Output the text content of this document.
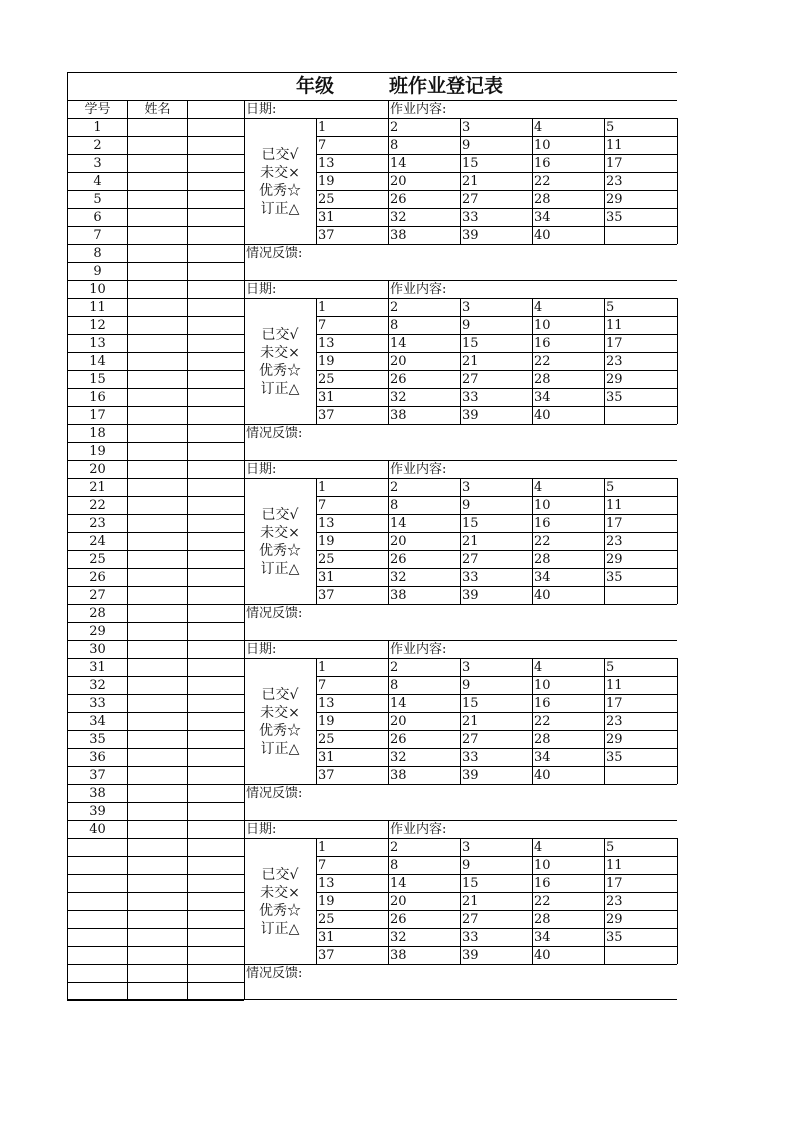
年级	班作业登记表
学号	姓名
1
2
3
4
5
6
7
8
9
10
11
12
13
14
15
16
17
18
19
20
21
22
23
24
25
26
27
28
29
30
31
32
33
34
35
36
37
38
39
40
日期:	作业内容:
1	2	3	4	5
7	8	9	10	11
13	14	15	16	17
19	20	21	22	23
25	26	27	28	29
31	32	33	34	35
37	38	39	40
已交√
未交×
优秀☆
订正△
情况反馈:
日期:	作业内容:
1	2	3	4	5
7	8	9	10	11
13	14	15	16	17
19	20	21	22	23
25	26	27	28	29
31	32	33	34	35
37	38	39	40
已交√
未交×
优秀☆
订正△
情况反馈:
日期:	作业内容:
1	2	3	4	5
7	8	9	10	11
13	14	15	16	17
19	20	21	22	23
25	26	27	28	29
31	32	33	34	35
37	38	39	40
已交√
未交×
优秀☆
订正△
情况反馈:
日期:	作业内容:
1	2	3	4	5
7	8	9	10	11
13	14	15	16	17
19	20	21	22	23
25	26	27	28	29
31	32	33	34	35
37	38	39	40
已交√
未交×
优秀☆
订正△
情况反馈:
日期:	作业内容:
1	2	3	4	5
7	8	9	10	11
13	14	15	16	17
19	20	21	22	23
25	26	27	28	29
31	32	33	34	35
37	38	39	40
已交√
未交×
优秀☆
订正△
情况反馈:
